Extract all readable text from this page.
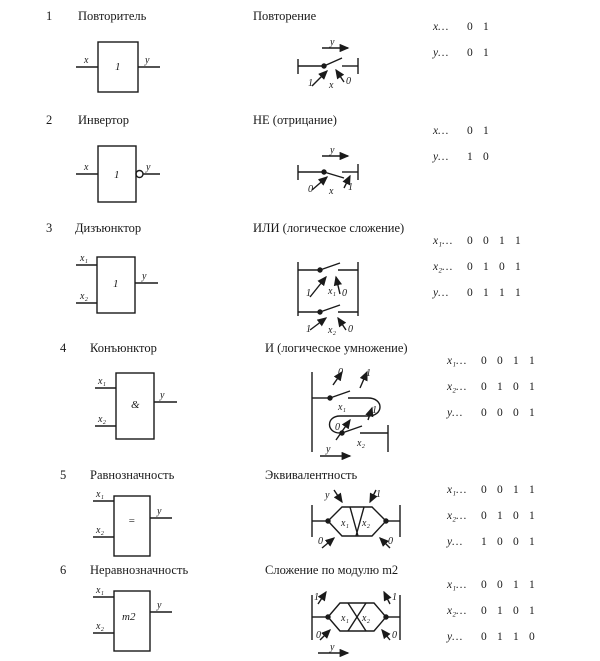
1
2
3
4
5
6
Повторитель
Инвертор
Дизъюнктор
Конъюнктор
Равнозначность
Неравнозначность
Повторение
НЕ (отрицание)
ИЛИ (логическое сложение)
И (логическое умножение)
Эквивалентность
Сложение по модулю m2

x… 0 1

y… 0 1

x… 0 1

y… 1 0

x₁… 0 0 1 1

x₂… 0 1 0 1

y… 0 1 1 1

x₁… 0 0 1 1

x₂… 0 1 0 1

y… 0 0 0 1

x₁… 0 0 1 1

x₂… 0 1 0 1

y… 1 0 0 1

x₁… 0 0 1 1

x₂… 0 1 0 1

y… 0 1 1 0

1
x	y
1
x	y
1
x₁
x₂
y
&
x₁
x₂
y
=
x₁
x₂
y
m2
x₁
x₂
y
y
1 x 0
y
0 x 1
1 x₁ 0
1 x₂ 0
0 1
x₁
0
x₂
1
y
y
x₁ x₂
0	0
1
1	1
x₁ x₂
0	0
y
